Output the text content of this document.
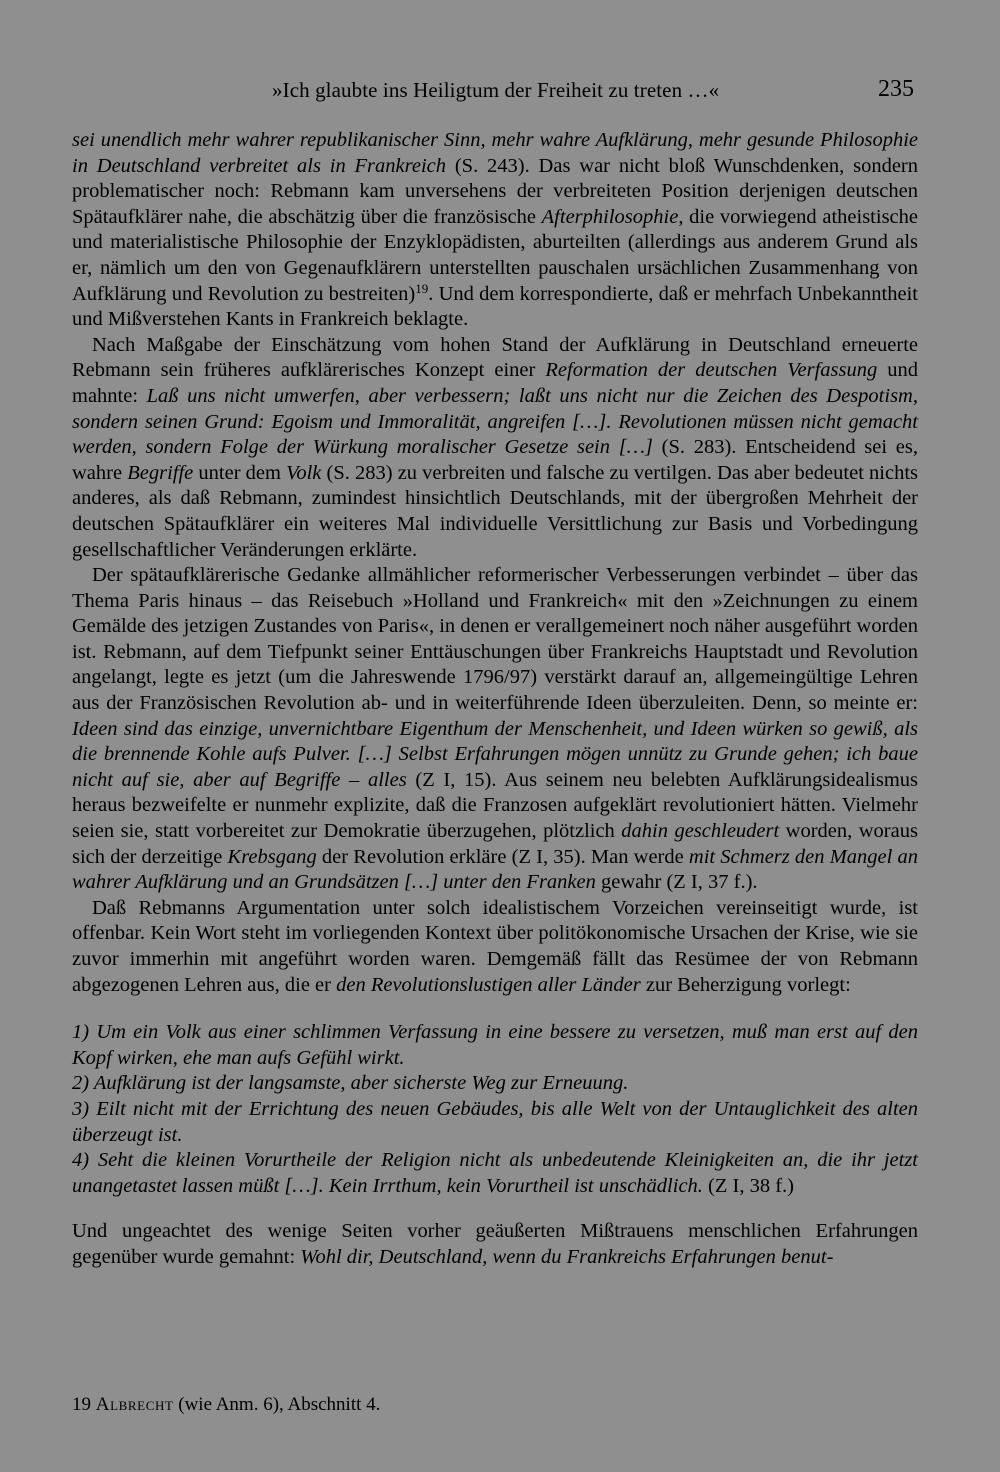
»Ich glaubte ins Heiligtum der Freiheit zu treten …«	235

sei unendlich mehr wahrer republikanischer Sinn, mehr wahre Aufklärung, mehr gesunde Philosophie in Deutschland verbreitet als in Frankreich (S. 243). Das war nicht bloß Wunschdenken, sondern problematischer noch: Rebmann kam unversehens der verbreiteten Position derjenigen deutschen Spätaufklärer nahe, die abschätzig über die französische Afterphilosophie, die vorwiegend atheistische und materialistische Philosophie der Enzyklopädisten, aburteilten (allerdings aus anderem Grund als er, nämlich um den von Gegenaufklärern unterstellten pauschalen ursächlichen Zusammenhang von Aufklärung und Revolution zu bestreiten)$^{19}$. Und dem korrespondierte, daß er mehrfach Unbekanntheit und Mißverstehen Kants in Frankreich beklagte.

Nach Maßgabe der Einschätzung vom hohen Stand der Aufklärung in Deutschland erneuerte Rebmann sein früheres aufklärerisches Konzept einer Reformation der deutschen Verfassung und mahnte: Laß uns nicht umwerfen, aber verbessern; laßt uns nicht nur die Zeichen des Despotism, sondern seinen Grund: Egoism und Immoralität, angreifen […]. Revolutionen müssen nicht gemacht werden, sondern Folge der Würkung moralischer Gesetze sein […] (S. 283). Entscheidend sei es, wahre Begriffe unter dem Volk (S. 283) zu verbreiten und falsche zu vertilgen. Das aber bedeutet nichts anderes, als daß Rebmann, zumindest hinsichtlich Deutschlands, mit der übergroßen Mehrheit der deutschen Spätaufklärer ein weiteres Mal individuelle Versittlichung zur Basis und Vorbedingung gesellschaftlicher Veränderungen erklärte.

Der spätaufklärerische Gedanke allmählicher reformerischer Verbesserungen verbindet – über das Thema Paris hinaus – das Reisebuch »Holland und Frankreich« mit den »Zeichnungen zu einem Gemälde des jetzigen Zustandes von Paris«, in denen er verallgemeinert noch näher ausgeführt worden ist. Rebmann, auf dem Tiefpunkt seiner Enttäuschungen über Frankreichs Hauptstadt und Revolution angelangt, legte es jetzt (um die Jahreswende 1796/97) verstärkt darauf an, allgemeingültige Lehren aus der Französischen Revolution ab- und in weiterführende Ideen überzuleiten. Denn, so meinte er: Ideen sind das einzige, unvernichtbare Eigenthum der Menschenheit, und Ideen würken so gewiß, als die brennende Kohle aufs Pulver. […] Selbst Erfahrungen mögen unnütz zu Grunde gehen; ich baue nicht auf sie, aber auf Begriffe – alles (Z I, 15). Aus seinem neu belebten Aufklärungsidealismus heraus bezweifelte er nunmehr explizite, daß die Franzosen aufgeklärt revolutioniert hätten. Vielmehr seien sie, statt vorbereitet zur Demokratie überzugehen, plötzlich dahin geschleudert worden, woraus sich der derzeitige Krebsgang der Revolution erkläre (Z I, 35). Man werde mit Schmerz den Mangel an wahrer Aufklärung und an Grundsätzen […] unter den Franken gewahr (Z I, 37 f.).

Daß Rebmanns Argumentation unter solch idealistischem Vorzeichen vereinseitigt wurde, ist offenbar. Kein Wort steht im vorliegenden Kontext über politökonomische Ursachen der Krise, wie sie zuvor immerhin mit angeführt worden waren. Demgemäß fällt das Resümee der von Rebmann abgezogenen Lehren aus, die er den Revolutionslustigen aller Länder zur Beherzigung vorlegt:

1) Um ein Volk aus einer schlimmen Verfassung in eine bessere zu versetzen, muß man erst auf den Kopf wirken, ehe man aufs Gefühl wirkt.

2) Aufklärung ist der langsamste, aber sicherste Weg zur Erneuung.

3) Eilt nicht mit der Errichtung des neuen Gebäudes, bis alle Welt von der Untauglichkeit des alten überzeugt ist.

4) Seht die kleinen Vorurtheile der Religion nicht als unbedeutende Kleinigkeiten an, die ihr jetzt unangetastet lassen müßt […]. Kein Irrthum, kein Vorurtheil ist unschädlich. (Z I, 38 f.)

Und ungeachtet des wenige Seiten vorher geäußerten Mißtrauens menschlichen Erfahrungen gegenüber wurde gemahnt: Wohl dir, Deutschland, wenn du Frankreichs Erfahrungen benut-

19 Albrecht (wie Anm. 6), Abschnitt 4.
